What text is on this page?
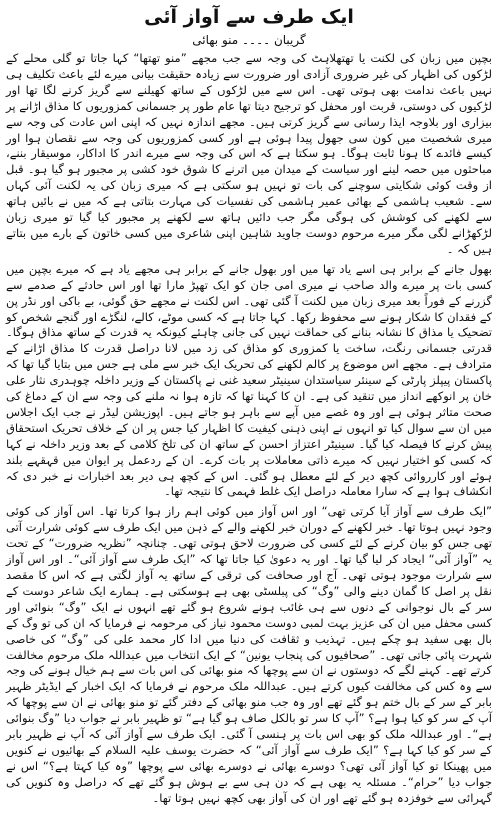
ایک طرف سے آواز آئی
گریبان ۔۔۔۔ منو بھائی

بچپن میں زبان کی لکنت یا تھتھلاہٹ کی وجہ سے جب مجھے ”منو تھتھا“ کہا جاتا تو گلی محلے کے لڑکوں کی اظہار کی غیر ضروری آزادی اور ضرورت سے زیادہ حقیقت بیانی میرے لئے باعث تکلیف ہی نہیں باعث ندامت بھی ہوتی تھی۔ اس سے میں لڑکوں کے ساتھ کھیلنے سے گریز کرنے لگا تھا اور لڑکیوں کی دوستی، قربت اور محفل کو ترجیح دیتا تھا عام طور پر جسمانی کمزوریوں کا مذاق اڑانے پر بیزاری اور بلاوجہ ایذا رسانی سے گریز کرتی ہیں۔ مجھے اندازہ نہیں کہ اپنی اس عادت کی وجہ سے میری شخصیت میں کون سی جھول پیدا ہوئی ہے اور کسی کمزوریوں کی وجہ سے نقصان ہوا اور کیسے فائدے کا ہونا ثابت ہوگا۔ ہو سکتا ہے کہ اس کی وجہ سے میرے اندر کا اداکار، موسیقار بننے، مباحثوں میں حصہ لینے اور سیاست کے میدان میں اترنے کا شوق خود کشی پر مجبور ہو گیا ہو۔ قبل از وقت کوئی شکایتی سوچنے کی بات تو نہیں ہو سکتی ہے کہ میری زبان کی یہ لکنت آئی کہاں سے۔ شعیب ہاشمی کے بھائی عمیر ہاشمی کی نفسیات کی مہارت بتاتی ہے کہ میں نے بائیں ہاتھ سے لکھنے کی کوشش کی ہوگی مگر جب دائیں ہاتھ سے لکھنے پر مجبور کیا گیا تو میری زبان لڑکھڑانے لگی مگر میرے مرحوم دوست جاوید شاہین اپنی شاعری میں کسی خاتون کے بارے میں بتاتے ہیں کہ ۔

بھول جانے کے برابر ہی اسے یاد تھا میں اور بھول جانے کے برابر ہی مجھے یاد ہے کہ میرے بچپن میں کسی بات پر میرے والد صاحب نے میری امی جان کو ایک تھپڑ مارا تھا اور اس حادثے کے صدمے سے گزرنے کے فوراً بعد میری زبان میں لکنت آ گئی تھی۔ اس لکنت نے مجھے حق گوئی، بے باکی اور نڈر پن کے فقدان کا شکار ہونے سے محفوظ رکھا۔ کہا جاتا ہے کہ کسی موٹے، کالے، لنگڑے اور گنجے شخص کو تضحیک یا مذاق کا نشانہ بنانے کی حماقت نہیں کی جانی چاہئے کیونکہ یہ قدرت کے ساتھ مذاق ہوگا۔ قدرتی جسمانی رنگت، ساخت یا کمزوری کو مذاق کی زد میں لانا دراصل قدرت کا مذاق اڑانے کے مترادف ہے۔ مجھے اس موضوع پر کالم لکھنے کی تحریک ایک خبر سے ملی ہے جس میں بتایا گیا تھا کہ پاکستان پیپلز پارٹی کے سینئر سیاستدان سینیٹر سعید غنی نے پاکستان کے وزیر داخلہ چوہدری نثار علی خان پر انوکھے انداز میں تنقید کی ہے۔ ان کا کہنا تھا کہ تازہ ہوا نہ ملنے کی وجہ سے ان کے دماغ کی صحت متاثر ہوئی ہے اور وہ غصے میں آپے سے باہر ہو جاتے ہیں۔ اپوزیشن لیڈر نے جب ایک اجلاس میں ان سے سوال کیا تو انہوں نے اپنی ذہنی کیفیت کا اظہار کیا جس پر ان کے خلاف تحریک استحقاق پیش کرنے کا فیصلہ کیا گیا۔ سینیٹر اعتزاز احسن کے ساتھ ان کی تلخ کلامی کے بعد وزیر داخلہ نے کہا کہ کسی کو اختیار نہیں کہ میرے ذاتی معاملات پر بات کرے۔ ان کے ردعمل پر ایوان میں قہقہے بلند ہوئے اور کارروائی کچھ دیر کے لئے معطل ہو گئی۔ اس کے کچھ ہی دیر بعد اخبارات نے خبر دی کہ انکشاف ہوا ہے کہ سارا معاملہ دراصل ایک غلط فہمی کا نتیجہ تھا۔

”ایک طرف سے آواز آیا کرتی تھی“ اور اس آواز میں کوئی اہم راز ہوا کرتا تھا۔ اس آواز کی کوئی وجود نہیں ہوتا تھا۔ خبر لکھنے کے دوران خبر لکھنے والے کے ذہن میں ایک طرف سے کوئی شرارت آتی تھی جس کو بیان کرنے کے لئے کسی کی ضرورت لاحق ہوتی تھی۔ چنانچہ ”نظریہ ضرورت“ کے تحت یہ ”آواز آئی“ ایجاد کر لیا گیا تھا۔ اور یہ دعویٰ کیا جاتا تھا کہ ”ایک طرف سے آواز آئی“۔ اور اس آواز سے شرارت موجود ہوتی تھی۔ آج اور صحافت کی ترقی کے ساتھ یہ آواز لگتی ہے کہ اس کا مقصد نقل پر اصل کا گمان دینے والی ”وگ“ کی پبلسٹی بھی ہے ہوسکتی ہے۔ ہمارے ایک شاعر دوست کے سر کے بال نوجوانی کے دنوں سے ہی غائب ہونے شروع ہو گئے تھے انہوں نے ایک ”وگ“ بنوائی اور کسی محفل میں ان کی عزیز بہت لمبی دوست محمود نیاز کی مرحومہ نے فرمایا کہ ان کی تو وگ کے بال بھی سفید ہو چکے ہیں۔ تہذیب و ثقافت کی دنیا میں ادا کار محمد علی کی ”وگ“ کی خاصی شہرت پائی جاتی تھی۔ ”صحافیوں کی پنجاب یونین“ کے ایک انتخاب میں عبداللہ ملک مرحوم مخالفت کرتے تھے۔ کہنے لگے کہ دوستوں نے ان سے پوچھا کہ منو بھائی کی اس بات سے ہم خیال ہونے کی وجہ سے وہ کس کی مخالفت کیوں کرتے ہیں۔ عبداللہ ملک مرحوم نے فرمایا کہ ایک اخبار کے ایڈیٹر ظہیر بابر کے سر کے بال ختم ہو گئے تھے اور وہ جب منو بھائی کے دفتر گئے تو منو بھائی نے ان سے پوچھا کہ آپ کے سر کو کیا ہوا ہے؟ ”آپ کا سر تو بالکل صاف ہو گیا ہے“ تو ظہیر بابر نے جواب دیا ”وگ بنوائی ہے“۔ اور عبداللہ ملک کو بھی اس بات پر ہنسی آ گئی۔ ایک طرف سے آواز آئی کہ آپ نے ظہیر بابر کے سر کو کیا کہا ہے؟ ”ایک طرف سے آواز آئی“ کہ حضرت یوسف علیہ السلام کے بھائیوں نے کنویں میں پھینکا تو کیا آواز آئی تھی؟ دوسرے بھائی نے دوسرے بھائی سے پوچھا ”وہ کیا کہتا ہے؟“ اس نے جواب دیا ”حرام“۔ مسئلہ یہ بھی ہے کہ دن ہی سے بے ہوش ہو گئے تھے کہ دراصل وہ کنویں کی گہرائی سے خوفزدہ ہو گئے تھے اور ان کی آواز بھی کچھ نہیں ہوتا تھا۔
